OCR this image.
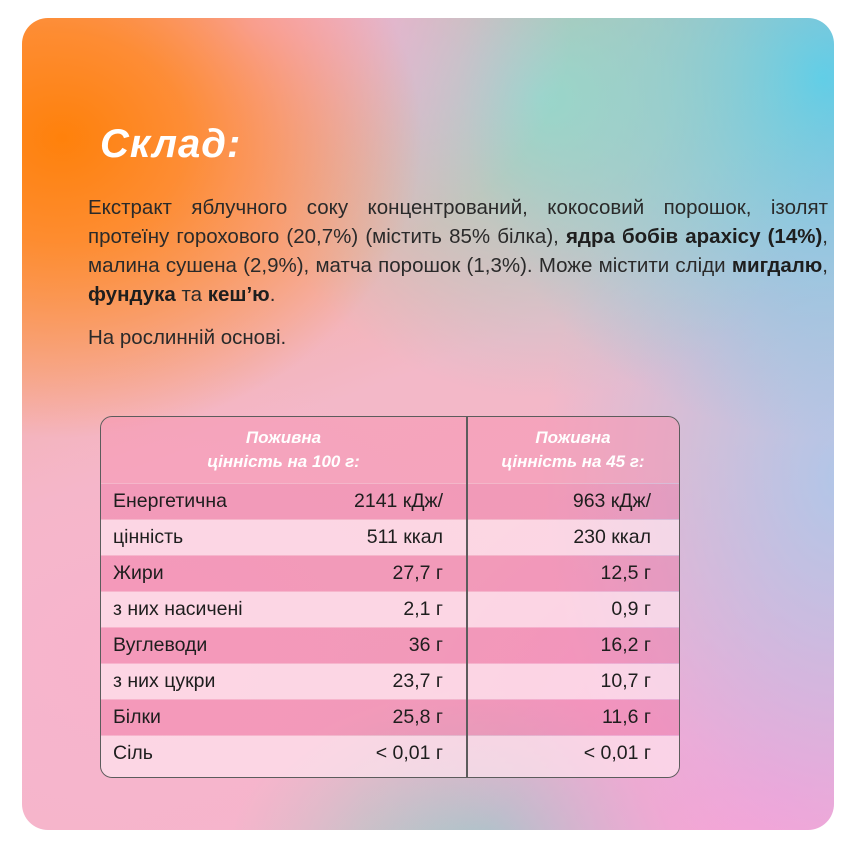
Склад:

Екстракт яблучного соку концентрований, кокосовий порошок, ізолят протеїну горохового (20,7%) (містить 85% білка), ядра бобів арахісу (14%), малина сушена (2,9%), матча порошок (1,3%). Може містити сліди мигдалю, фундука та кеш’ю.

На рослинній основі.

Поживна
цінність на 100 г:
Поживна
цінність на 45 г:
Енергетична	2141 кДж/	963 кДж/
цінність	511 ккал	230 ккал
Жири	27,7 г	12,5 г
з них насичені	2,1 г	0,9 г
Вуглеводи	36 г	16,2 г
з них цукри	23,7 г	10,7 г
Білки	25,8 г	11,6 г
Сіль	< 0,01 г	< 0,01 г
